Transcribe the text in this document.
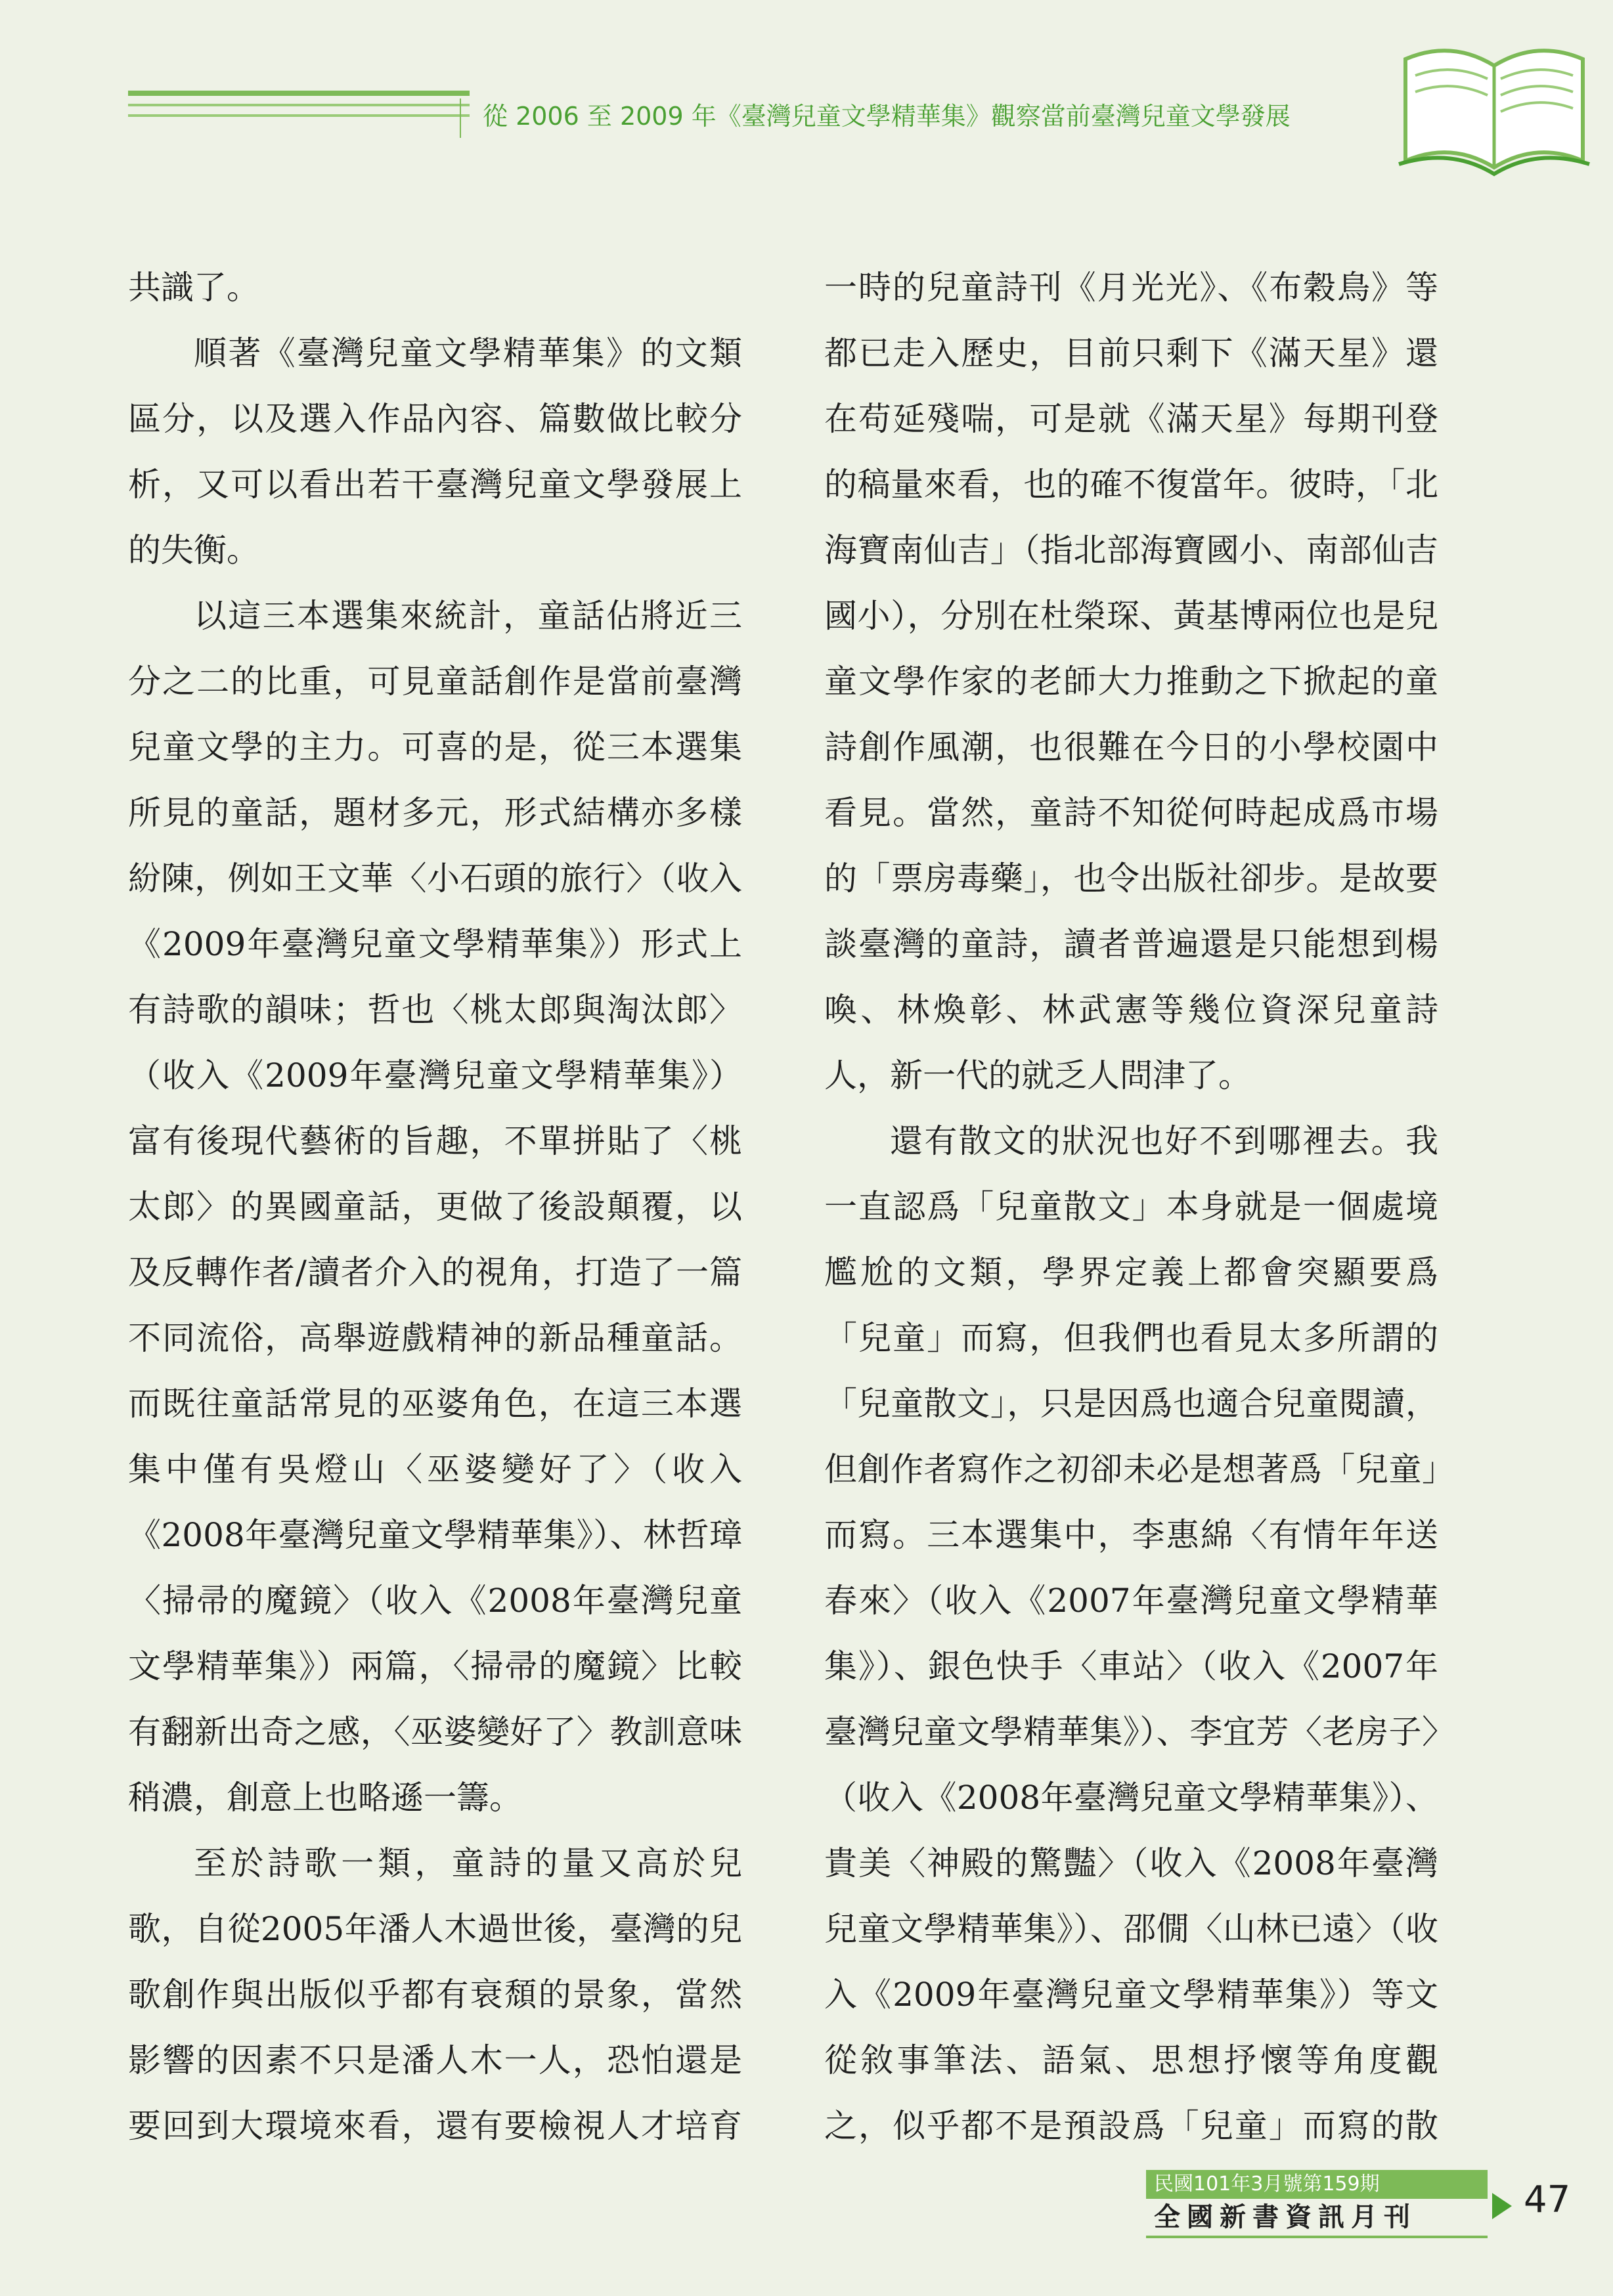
從 2006 至 2009 年《臺灣兒童文學精華集》觀察當前臺灣兒童文學發展

共識了。

順著《臺灣兒童文學精華集》的文類區分，以及選入作品內容、篇數做比較分析，又可以看出若干臺灣兒童文學發展上的失衡。

以這三本選集來統計，童話佔將近三分之二的比重，可見童話創作是當前臺灣兒童文學的主力。可喜的是，從三本選集所見的童話，題材多元，形式結構亦多樣紛陳，例如王文華〈小石頭的旅行〉（收入《2009年臺灣兒童文學精華集》）形式上有詩歌的韻味；哲也〈桃太郎與淘汰郎〉（收入《2009年臺灣兒童文學精華集》）富有後現代藝術的旨趣，不單拼貼了〈桃太郎〉的異國童話，更做了後設顛覆，以及反轉作者/讀者介入的視角，打造了一篇不同流俗，高舉遊戲精神的新品種童話。而既往童話常見的巫婆角色，在這三本選集中僅有吳燈山〈巫婆變好了〉（收入《2008年臺灣兒童文學精華集》）、林哲璋〈掃帚的魔鏡〉（收入《2008年臺灣兒童文學精華集》）兩篇，〈掃帚的魔鏡〉比較有翻新出奇之感，〈巫婆變好了〉教訓意味稍濃，創意上也略遜一籌。

至於詩歌一類，童詩的量又高於兒歌，自從2005年潘人木過世後，臺灣的兒歌創作與出版似乎都有衰頹的景象，當然影響的因素不只是潘人木一人，恐怕還是要回到大環境來看，還有要檢視人才培育

一時的兒童詩刊《月光光》、《布穀鳥》等都已走入歷史，目前只剩下《滿天星》還在苟延殘喘，可是就《滿天星》每期刊登的稿量來看，也的確不復當年。彼時，「北海寶南仙吉」（指北部海寶國小、南部仙吉國小），分別在杜榮琛、黃基博兩位也是兒童文學作家的老師大力推動之下掀起的童詩創作風潮，也很難在今日的小學校園中看見。當然，童詩不知從何時起成爲市場的「票房毒藥」，也令出版社卻步。是故要談臺灣的童詩，讀者普遍還是只能想到楊喚、林煥彰、林武憲等幾位資深兒童詩人，新一代的就乏人問津了。

還有散文的狀況也好不到哪裡去。我一直認爲「兒童散文」本身就是一個處境尷尬的文類，學界定義上都會突顯要爲「兒童」而寫，但我們也看見太多所謂的「兒童散文」，只是因爲也適合兒童閱讀，但創作者寫作之初卻未必是想著爲「兒童」而寫。三本選集中，李惠綿〈有情年年送春來〉（收入《2007年臺灣兒童文學精華集》）、銀色快手〈車站〉（收入《2007年臺灣兒童文學精華集》）、李宜芳〈老房子〉（收入《2008年臺灣兒童文學精華集》）、貴美〈神殿的驚豔〉（收入《2008年臺灣兒童文學精華集》）、邵僩〈山林已遠〉（收入《2009年臺灣兒童文學精華集》）等文從敘事筆法、語氣、思想抒懷等角度觀之，似乎都不是預設爲「兒童」而寫的散

民國101年3月號第159期
全國新書資訊月刊	47
